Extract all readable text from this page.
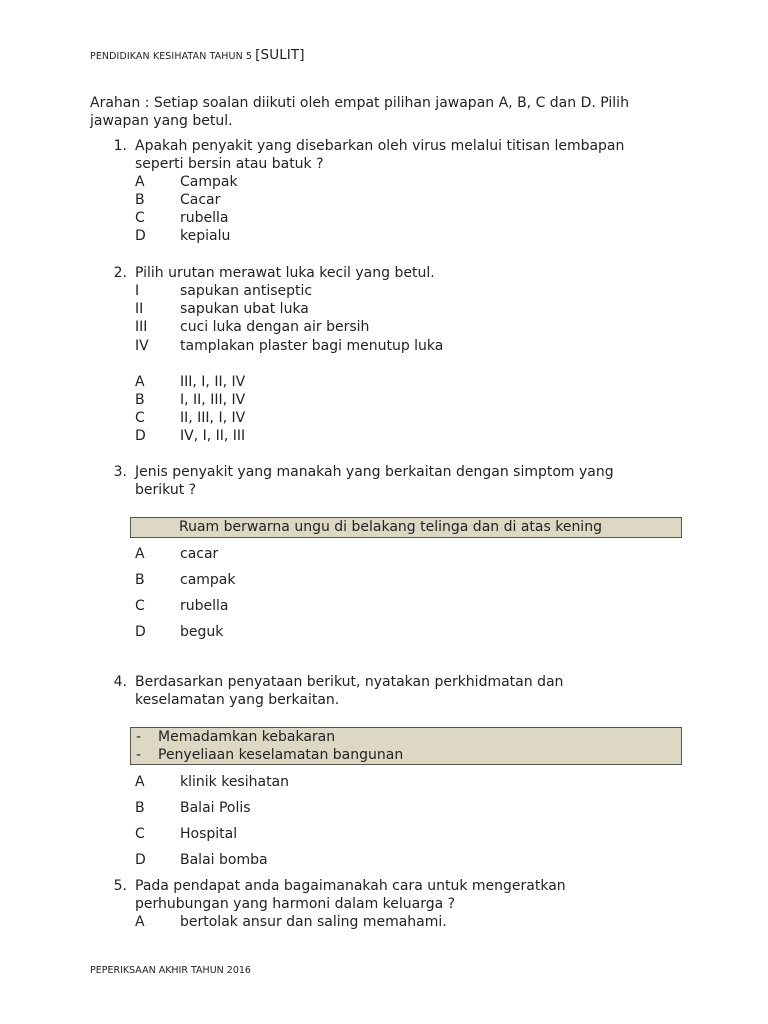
PENDIDIKAN KESIHATAN TAHUN 5 [SULIT]
Arahan : Setiap soalan diikuti oleh empat pilihan jawapan A, B, C dan D. Pilih
jawapan yang betul.
1. Apakah penyakit yang disebarkan oleh virus melalui titisan lembapan
seperti bersin atau batuk ?
A	Campak
B	Cacar
C	rubella
D kepialu
2. Pilih urutan merawat luka kecil yang betul.
I	sapukan antiseptic
II	sapukan ubat luka
III cuci luka dengan air bersih
IV tamplakan plaster bagi menutup luka
A	III, I, II, IV
B	I, II, III, IV
C	II, III, I, IV
D IV, I, II, III
3. Jenis penyakit yang manakah yang berkaitan dengan simptom yang
berikut ?
Ruam berwarna ungu di belakang telinga dan di atas kening
A	cacar
B	campak
C	rubella
D beguk
4. Berdasarkan penyataan berikut, nyatakan perkhidmatan dan
keselamatan yang berkaitan.
- Memadamkan kebakaran
- Penyeliaan keselamatan bangunan
A	klinik kesihatan
B	Balai Polis
C	Hospital
D Balai bomba
5. Pada pendapat anda bagaimanakah cara untuk mengeratkan
perhubungan yang harmoni dalam keluarga ?
A	bertolak ansur dan saling memahami.
PEPERIKSAAN AKHIR TAHUN 2016
